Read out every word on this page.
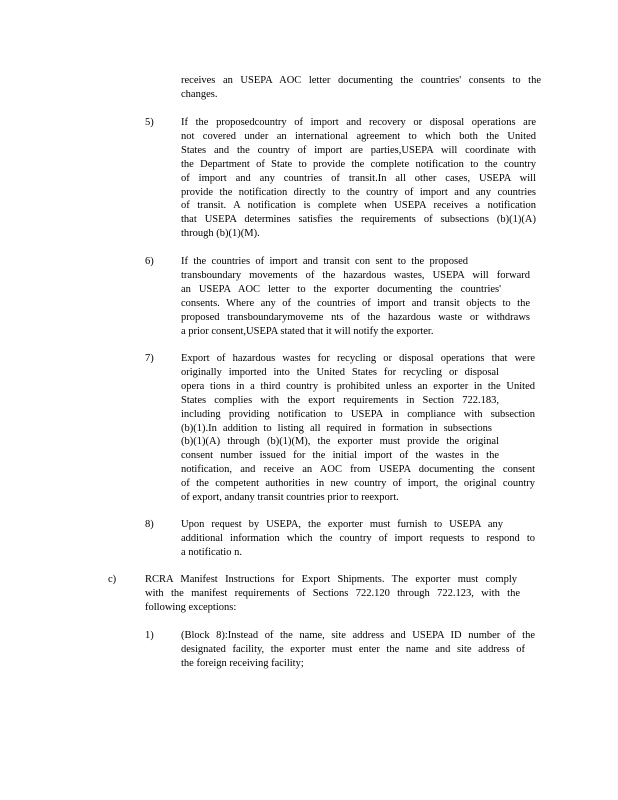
receives an USEPA AOC letter documenting the countries' consents to the
changes.
5)	If the proposedcountry of import and recovery or disposal operations are
not covered under an international agreement to which both the United
States and the country of import are parties,USEPA will coordinate with
the Department of State to provide the complete notification to the country
of import and any countries of transit.In all other cases, USEPA will
provide the notification directly to the country of import and any countries
of transit. A notification is complete when USEPA receives a notification
that USEPA determines satisfies the requirements of subsections (b)(1)(A)
through (b)(1)(M).
6)	If the countries of import and transit con sent to the proposed
transboundary movements of the hazardous wastes, USEPA will forward
an USEPA AOC letter to the exporter documenting the countries'
consents. Where any of the countries of import and transit objects to the
proposed transboundarymoveme nts of the hazardous waste or withdraws
a prior consent,USEPA stated that it will notify the exporter.
7)	Export of hazardous wastes for recycling or disposal operations that were
originally imported into the United States for recycling or disposal
opera tions in a third country is prohibited unless an exporter in the United
States complies with the export requirements in Section 722.183,
including providing notification to USEPA in compliance with subsection
(b)(1).In addition to listing all required in formation in subsections
(b)(1)(A) through (b)(1)(M), the exporter must provide the original
consent number issued for the initial import of the wastes in the
notification, and receive an AOC from USEPA documenting the consent
of the competent authorities in new country of import, the original country
of export, andany transit countries prior to reexport.
8)	Upon request by USEPA, the exporter must furnish to USEPA any
additional information which the country of import requests to respond to
a notificatio n.
c)	RCRA Manifest Instructions for Export Shipments. The exporter must comply
with the manifest requirements of Sections 722.120 through 722.123, with the
following exceptions:
1)	(Block 8):Instead of the name, site address and USEPA ID number of the
designated facility, the exporter must enter the name and site address of
the foreign receiving facility;
